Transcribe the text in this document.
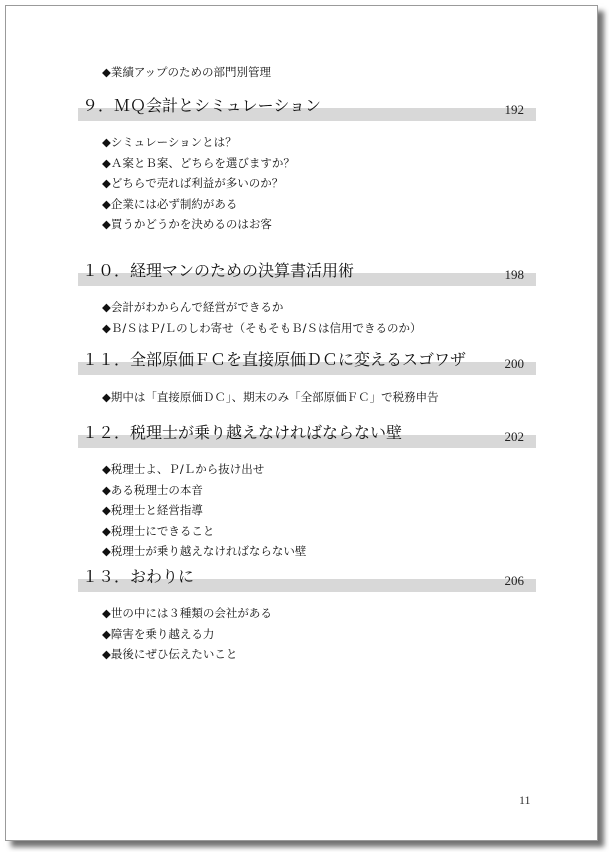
◆業績アップのための部門別管理
９．ＭＱ会計とシミュレーション	192
◆シミュレーションとは？
◆Ａ案とＢ案、どちらを選びますか？
◆どちらで売れば利益が多いのか？
◆企業には必ず制約がある
◆買うかどうかを決めるのはお客
１０．経理マンのための決算書活用術	198
◆会計がわからんで経営ができるか
◆Ｂ/ＳはＰ/Ｌのしわ寄せ（そもそもＢ/Ｓは信用できるのか）
１１．全部原価ＦＣを直接原価ＤＣに変えるスゴワザ	200
◆期中は「直接原価ＤＣ」、期末のみ「全部原価ＦＣ」で税務申告
１２．税理士が乗り越えなければならない壁	202
◆税理士よ、Ｐ/Ｌから抜け出せ
◆ある税理士の本音
◆税理士と経営指導
◆税理士にできること
◆税理士が乗り越えなければならない壁
１３．おわりに	206
◆世の中には３種類の会社がある
◆障害を乗り越える力
◆最後にぜひ伝えたいこと
11
